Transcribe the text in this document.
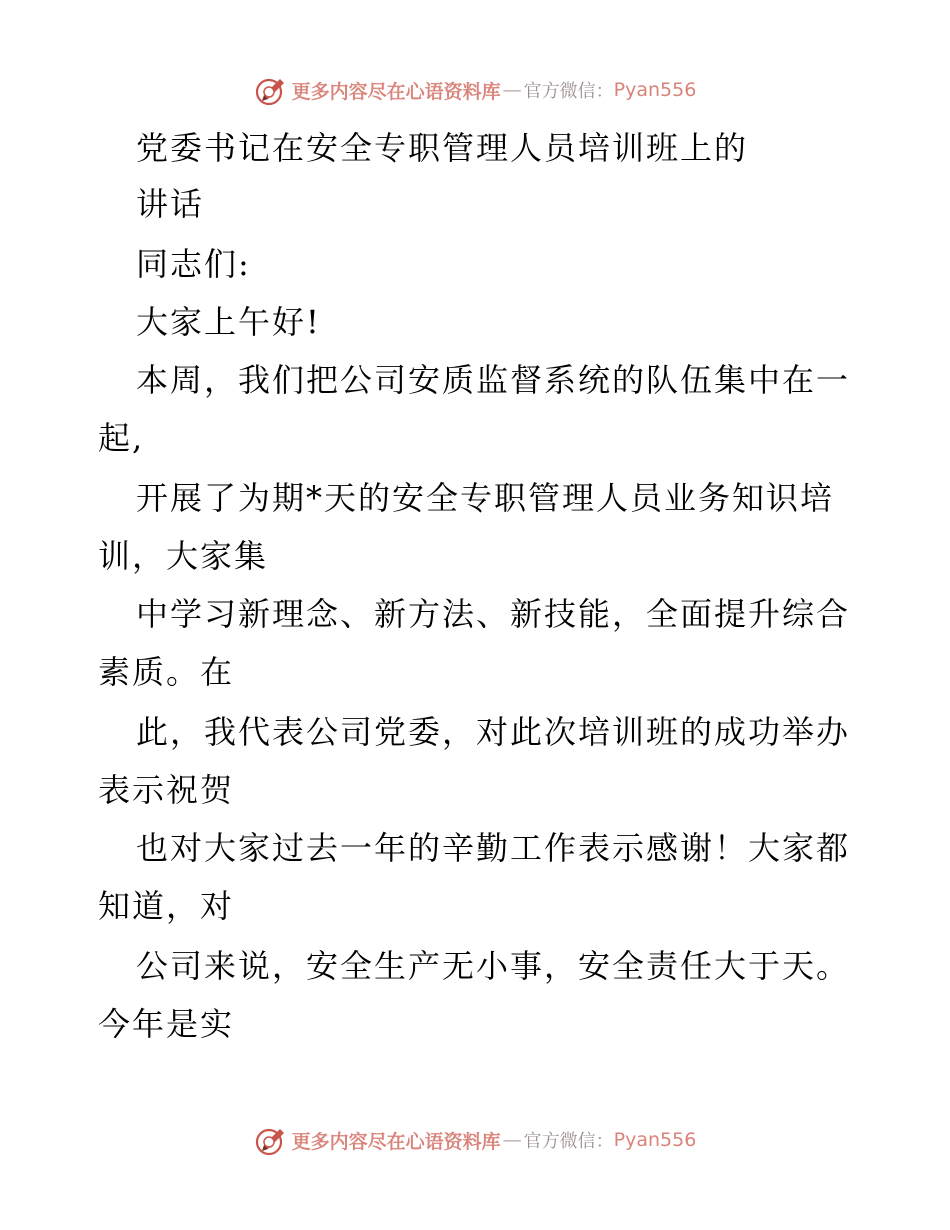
更多内容尽在心语资料库 — 官方微信： Pyan556
党委书记在安全专职管理人员培训班上的
讲话
同志们:
大家上午好!
本周，我们把公司安质监督系统的队伍集中在一
起,
开展了为期*天的安全专职管理人员业务知识培
训，大家集
中学习新理念、新方法、新技能，全面提升综合
素质。在
此，我代表公司党委，对此次培训班的成功举办
表示祝贺
也对大家过去一年的辛勤工作表示感谢！大家都
知道，对
公司来说，安全生产无小事，安全责任大于天。
今年是实
更多内容尽在心语资料库 — 官方微信： Pyan556
